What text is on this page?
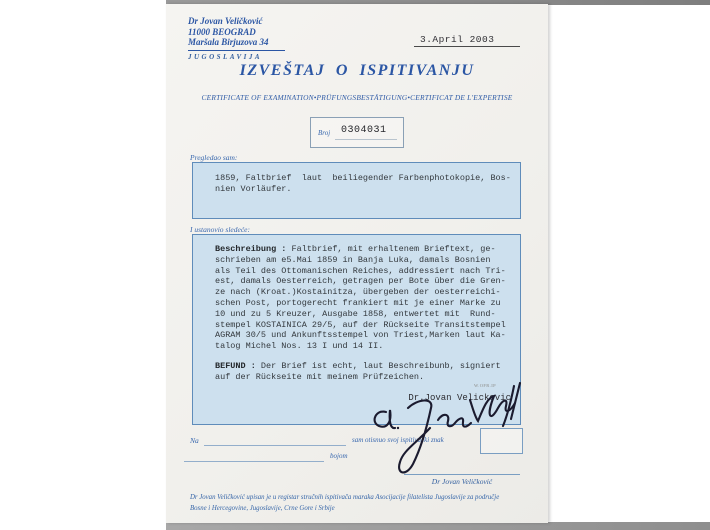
Dr Jovan Veličković
11000 BEOGRAD
Maršala Birjuzova 34
JUGOSLAVIJA
3.April 2003
IZVEŠTAJ O ISPITIVANJU
CERTIFICATE OF EXAMINATION•PRÜFUNGSBESTÄTIGUNG•CERTIFICAT DE L'EXPERTISE
Broj 0304031
Pregledao sam:
1859, Faltbrief  laut  beiliegender Farbenphotokopie, Bos-
nien Vorläufer.
I ustanovio sledeće:
Beschreibung : Faltbrief, mit erhaltenem Brieftext, ge-
schrieben am e5.Mai 1859 in Banja Luka, damals Bosnien
als Teil des Ottomanischen Reiches, addressiert nach Tri-
est, damals Oesterreich, getragen per Bote über die Gren-
ze nach (Kroat.)Kostainitza, übergeben der oesterreichi-
schen Post, portogerecht frankiert mit je einer Marke zu
10 und zu 5 Kreuzer, Ausgabe 1858, entwertet mit  Rund-
stempel KOSTAINICA 29/5, auf der Rückseite Transitstempel
AGRAM 30/5 und Ankunftsstempel von Triest,Marken laut Ka-
talog Michel Nos. 13 I und 14 II.
BEFUND : Der Brief ist echt, laut Beschreibunb, signiert
auf der Rückseite mit meinem Prüfzeichen.
W.OFR.IP
Dr.Jovan Velickovic
Na	sam otisnuo svoj ispitivački znak
bojom
Dr Jovan Veličković
Dr Jovan Veličković upisan je u registar stručnih ispitivača maraka Asocijacije filatelista Jugoslavije za područje
Bosne i Hercegovine, Jugoslavije, Crne Gore i Srbije
